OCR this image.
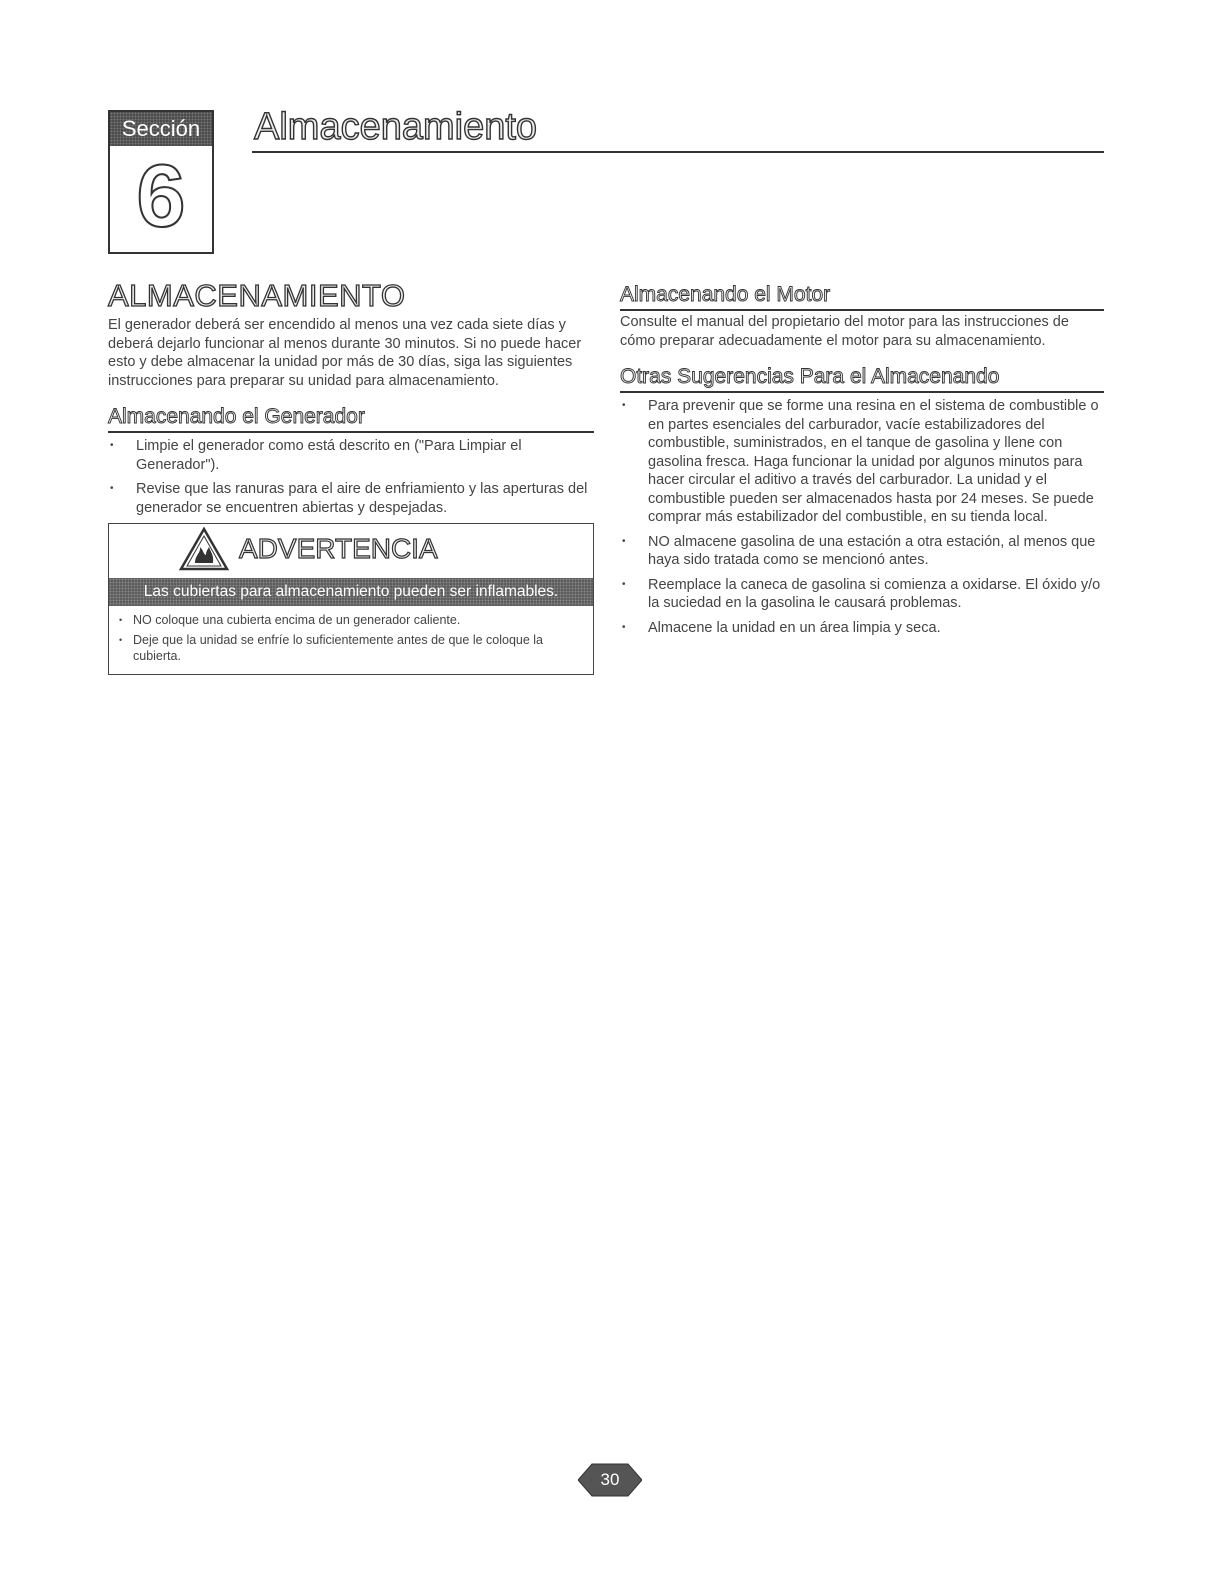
Sección
6
Almacenamiento
ALMACENAMIENTO

El generador deberá ser encendido al menos una vez cada siete días y deberá dejarlo funcionar al menos durante 30 minutos. Si no puede hacer esto y debe almacenar la unidad por más de 30 días, siga las siguientes instrucciones para preparar su unidad para almacenamiento.

Almacenando el Generador
• Limpie el generador como está descrito en ("Para Limpiar el Generador").
• Revise que las ranuras para el aire de enfriamiento y las aperturas del generador se encuentren abiertas y despejadas.
ADVERTENCIA
Las cubiertas para almacenamiento pueden ser inflamables.
• NO coloque una cubierta encima de un generador caliente.
• Deje que la unidad se enfríe lo suficientemente antes de que le coloque la cubierta.
Almacenando el Motor

Consulte el manual del propietario del motor para las instrucciones de cómo preparar adecuadamente el motor para su almacenamiento.

Otras Sugerencias Para el Almacenando
• Para prevenir que se forme una resina en el sistema de combustible o en partes esenciales del carburador, vacíe estabilizadores del combustible, suministrados, en el tanque de gasolina y llene con gasolina fresca. Haga funcionar la unidad por algunos minutos para hacer circular el aditivo a través del carburador. La unidad y el combustible pueden ser almacenados hasta por 24 meses. Se puede comprar más estabilizador del combustible, en su tienda local.
• NO almacene gasolina de una estación a otra estación, al menos que haya sido tratada como se mencionó antes.
• Reemplace la caneca de gasolina si comienza a oxidarse. El óxido y/o la suciedad en la gasolina le causará problemas.
• Almacene la unidad en un área limpia y seca.
30
